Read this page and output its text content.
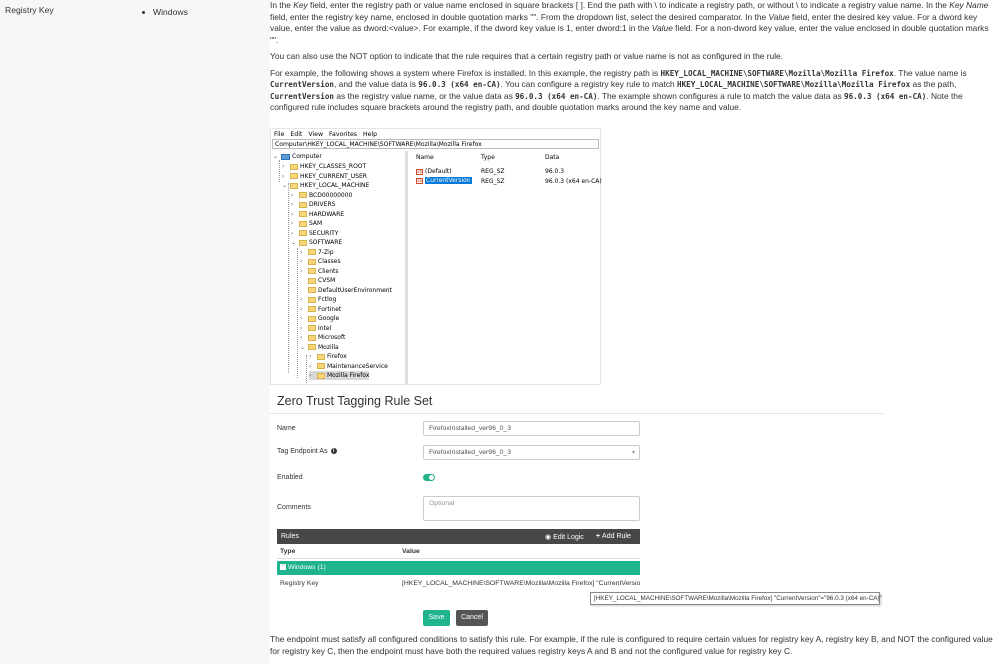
Registry Key	Windows

In the Key field, enter the registry path or value name enclosed in square brackets [ ]. End the path with \ to indicate a registry path, or without \ to indicate a registry value name. In the Key Name field, enter the registry key name, enclosed in double quotation marks "". From the dropdown list, select the desired comparator. In the Value field, enter the desired key value. For a dword key value, enter the value as dword:<value>. For example, if the dword key value is 1, enter dword:1 in the Value field. For a non-dword key value, enter the value enclosed in double quotation marks "".

You can also use the NOT option to indicate that the rule requires that a certain registry path or value name is not as configured in the rule.

For example, the following shows a system where Firefox is installed. In this example, the registry path is HKEY_LOCAL_MACHINE\SOFTWARE\Mozilla\Mozilla Firefox. The value name is CurrentVersion, and the value data is 96.0.3 (x64 en-CA). You can configure a registry key rule to match HKEY_LOCAL_MACHINE\SOFTWARE\Mozilla\Mozilla Firefox as the path, CurrentVersion as the registry value name, or the value data as 96.0.3 (x64 en-CA). The example shown configures a rule to match the value data as 96.0.3 (x64 en-CA). Note the configured rule includes square brackets around the registry path, and double quotation marks around the key name and value.

File Edit View Favorites Help
Computer\HKEY_LOCAL_MACHINE\SOFTWARE\Mozilla\Mozilla Firefox
⌄ Computer
›	HKEY_CLASSES_ROOT
›	HKEY_CURRENT_USER
⌄ HKEY_LOCAL_MACHINE
›	BCD00000000
›	DRIVERS
›	HARDWARE
›	SAM
›	SECURITY
⌄ SOFTWARE
›	7-Zip
›	Classes
›	Clients
CVSM
DefaultUserEnvironment
›	Fctlog
›	Fortinet
›	Google
›	Intel
›	Microsoft
⌄ Mozilla
›	Firefox
›	MaintenanceService
›	Mozilla Firefox
Name	Type	Data
ab (Default)	REG_SZ	96.0.3
ab CurrentVersion REG_SZ	96.0.3 (x64 en-CA)
Zero Trust Tagging Rule Set
Name	FirefoxInstalled_ver96_0_3
Tag Endpoint As i	FirefoxInstalled_ver96_0_3	▾
Enabled
Comments
Optional
Rules	◉ Edit Logic + Add Rule
Type	Value
− Windows (1)
Registry Key	[HKEY_LOCAL_MACHINE\SOFTWARE\Mozilla\Mozilla Firefox] "CurrentVersio
[HKEY_LOCAL_MACHINE\SOFTWARE\Mozilla\Mozilla Firefox] "CurrentVersion"="96.0.3 (x64 en-CA)"
Save	Cancel
The endpoint must satisfy all configured conditions to satisfy this rule. For example, if the rule is configured to require certain values for registry key A, registry key B, and NOT the configured value for registry key C, then the endpoint must have both the required values registry keys A and B and not the configured value for registry key C.
